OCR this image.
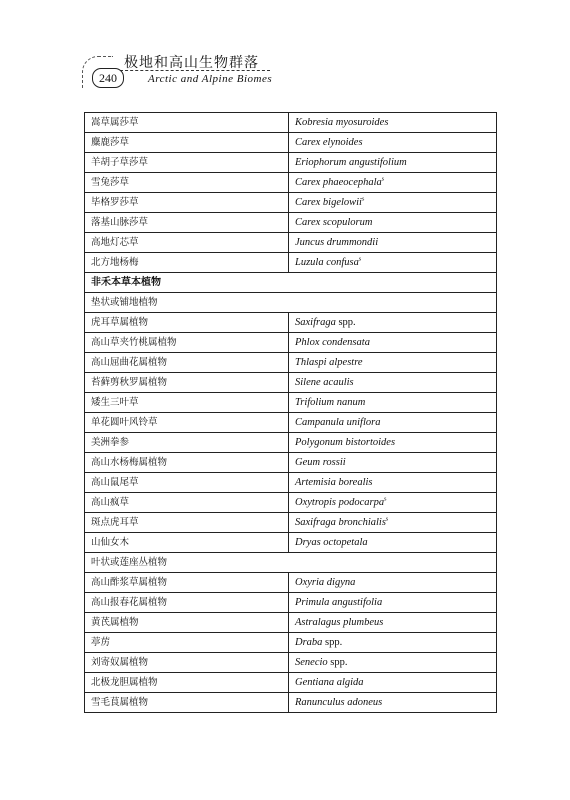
240
极地和高山生物群落
Arctic and Alpine Biomes
嵩草属莎草	Kobresia myosuroides
麋鹿莎草	Carex elynoides
羊胡子草莎草	Eriophorum angustifolium
雪兔莎草	Carex phaeocephala$^s$
毕格罗莎草	Carex bigelowii$^s$
落基山脉莎草	Carex scopulorum
高地灯芯草	Juncus drummondii
北方地杨梅	Luzula confusa$^s$
非禾本草本植物	
垫状或铺地植物	
虎耳草属植物	Saxifraga spp.
高山草夹竹桃属植物	Phlox condensata
高山屈曲花属植物	Thlaspi alpestre
苔藓剪秋罗属植物	Silene acaulis
矮生三叶草	Trifolium nanum
单花圆叶风铃草	Campanula uniflora
美洲拳参	Polygonum bistortoides
高山水杨梅属植物	Geum rossii
高山鼠尾草	Artemisia borealis
高山疯草	Oxytropis podocarpa$^s$
斑点虎耳草	Saxifraga bronchialis$^s$
山仙女木	Dryas octopetala
叶状或莲座丛植物	
高山酢浆草属植物	Oxyria digyna
高山报春花属植物	Primula angustifolia
黄芪属植物	Astralagus plumbeus
葶苈	Draba spp.
刘寄奴属植物	Senecio spp.
北极龙胆属植物	Gentiana algida
雪毛茛属植物	Ranunculus adoneus
